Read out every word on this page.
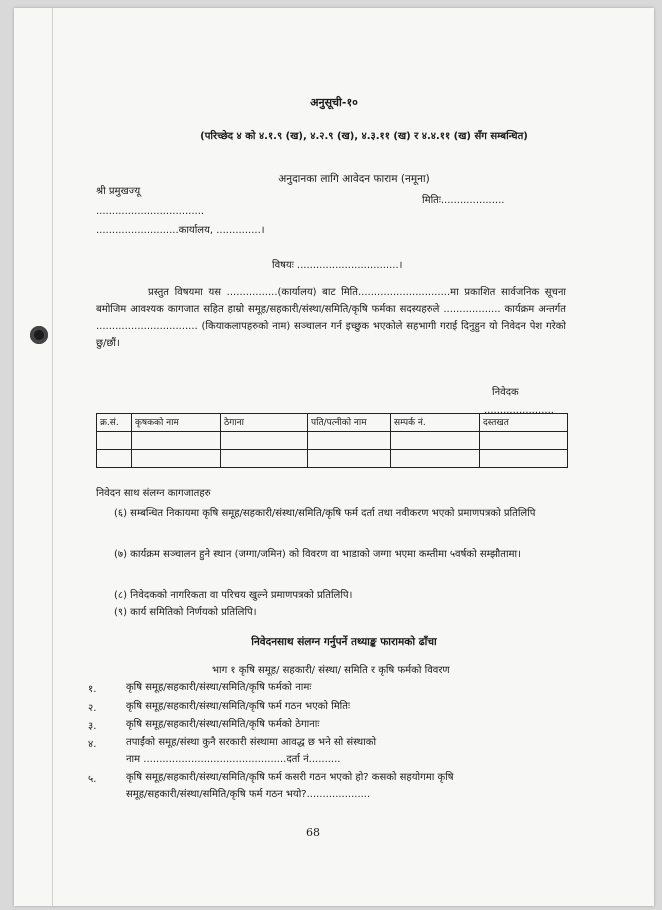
अनुसूची-१०
(परिच्छेद ४ को ४.१.९ (ख), ४.२.९ (ख), ४.३.११ (ख) र ४.४.११ (ख) सँग सम्बन्धित)
अनुदानका लागि आवेदन फाराम (नमूना)
श्री प्रमुखज्यू
..................................
..........................कार्यालय, ..............।
मितिः....................
विषयः ................................।
प्रस्तुत विषयमा यस ................(कार्यालय) बाट मिति.............................मा प्रकाशित सार्वजनिक सूचना बमोजिम आवश्यक कागजात सहित हाम्रो समूह/सहकारी/संस्था/समिति/कृषि फर्मका सदस्यहरुले .................. कार्यक्रम अन्तर्गत ................................ (कियाकलापहरुको नाम) सञ्चालन गर्न इच्छुक भएकोले सहभागी गराई दिनुहुन यो निवेदन पेश गरेको छु/छौं।
निवेदक
......................
क्र.सं.	कृषकको नाम	ठेगाना	पति/पत्नीको नाम	सम्पर्क नं.	दस्तखत

निवेदन साथ संलग्न कागजातहरु
(६) सम्बन्धित निकायमा कृषि समूह/सहकारी/संस्था/समिति/कृषि फर्म दर्ता तथा नवीकरण भएको प्रमाणपत्रको प्रतिलिपि
(७) कार्यक्रम सञ्चालन हुने स्थान (जग्गा/जमिन) को विवरण वा भाडाको जग्गा भएमा कम्तीमा ५वर्षको सम्झौतामा।
(८) निवेदकको नागरिकता वा परिचय खुल्ने प्रमाणपत्रको प्रतिलिपि।
(९) कार्य समितिको निर्णयको प्रतिलिपि।
निवेदनसाथ संलग्न गर्नुपर्ने तथ्याङ्क फारामको ढाँचा
भाग १ कृषि समूह/ सहकारी/ संस्था/ समिति र कृषि फर्मको विवरण
१.	कृषि समूह/सहकारी/संस्था/समिति/कृषि फर्मको नामः
२.	कृषि समूह/सहकारी/संस्था/समिति/कृषि फर्म गठन भएको मितिः
३.	कृषि समूह/सहकारी/संस्था/समिति/कृषि फर्मको ठेगानाः
४.	तपाईंको समूह/संस्था कुनै सरकारी संस्थामा आवद्ध छ भने सो संस्थाको
नाम .............................................दर्ता नं..........
५.	कृषि समूह/सहकारी/संस्था/समिति/कृषि फर्म कसरी गठन भएको हो? कसको सहयोगमा कृषि
समूह/सहकारी/संस्था/समिति/कृषि फर्म गठन भयो?....................
68
